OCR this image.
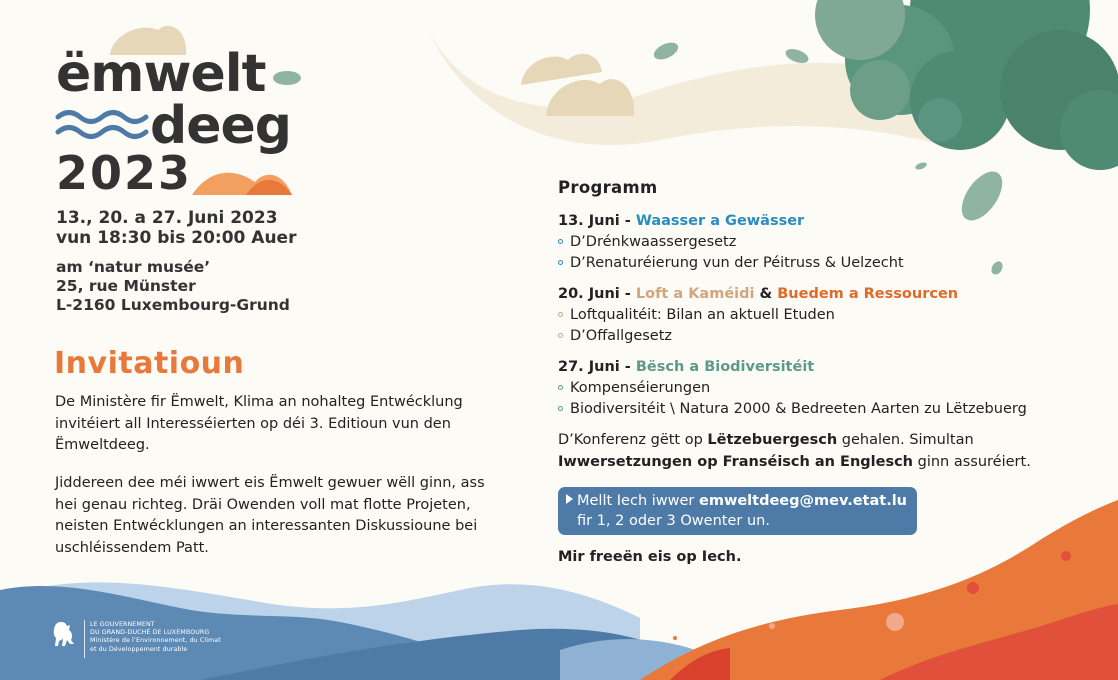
ëmwelt
deeg
2023
13., 20. a 27. Juni 2023
vun 18:30 bis 20:00 Auer
am ‘natur musée’
25, rue Münster
L-2160 Luxembourg-Grund
Invitatioun
De Ministère fir Ëmwelt, Klima an nohalteg Entwécklung invitéiert all Interesséierten op déi 3. Editioun vun den Ëmweltdeeg.
Jiddereen dee méi iwwert eis Ëmwelt gewuer wëll ginn, ass hei genau richteg. Dräi Owenden voll mat flotte Projeten, neisten Entwécklungen an interessanten Diskussioune bei uschléissendem Patt.
Programm
13. Juni - Waasser a Gewässer
D’Drénkwaassergesetz
D’Renaturéierung vun der Péitruss & Uelzecht
20. Juni - Loft a Kaméidi & Buedem a Ressourcen
Loftqualitéit: Bilan an aktuell Etuden
D’Offallgesetz
27. Juni - Bësch a Biodiversitéit
Kompenséierungen
Biodiversitéit \ Natura 2000 & Bedreeten Aarten zu Lëtzebuerg
D’Konferenz gëtt op Lëtzebuergesch gehalen. Simultan
Iwwersetzungen op Franséisch an Englesch ginn assuréiert.
Mellt Iech iwwer emweltdeeg@mev.etat.lu
fir 1, 2 oder 3 Owenter un.
Mir freeën eis op Iech.
LE GOUVERNEMENT
DU GRAND-DUCHÉ DE LUXEMBOURG
Ministère de l’Environnement, du Climat
et du Développement durable
